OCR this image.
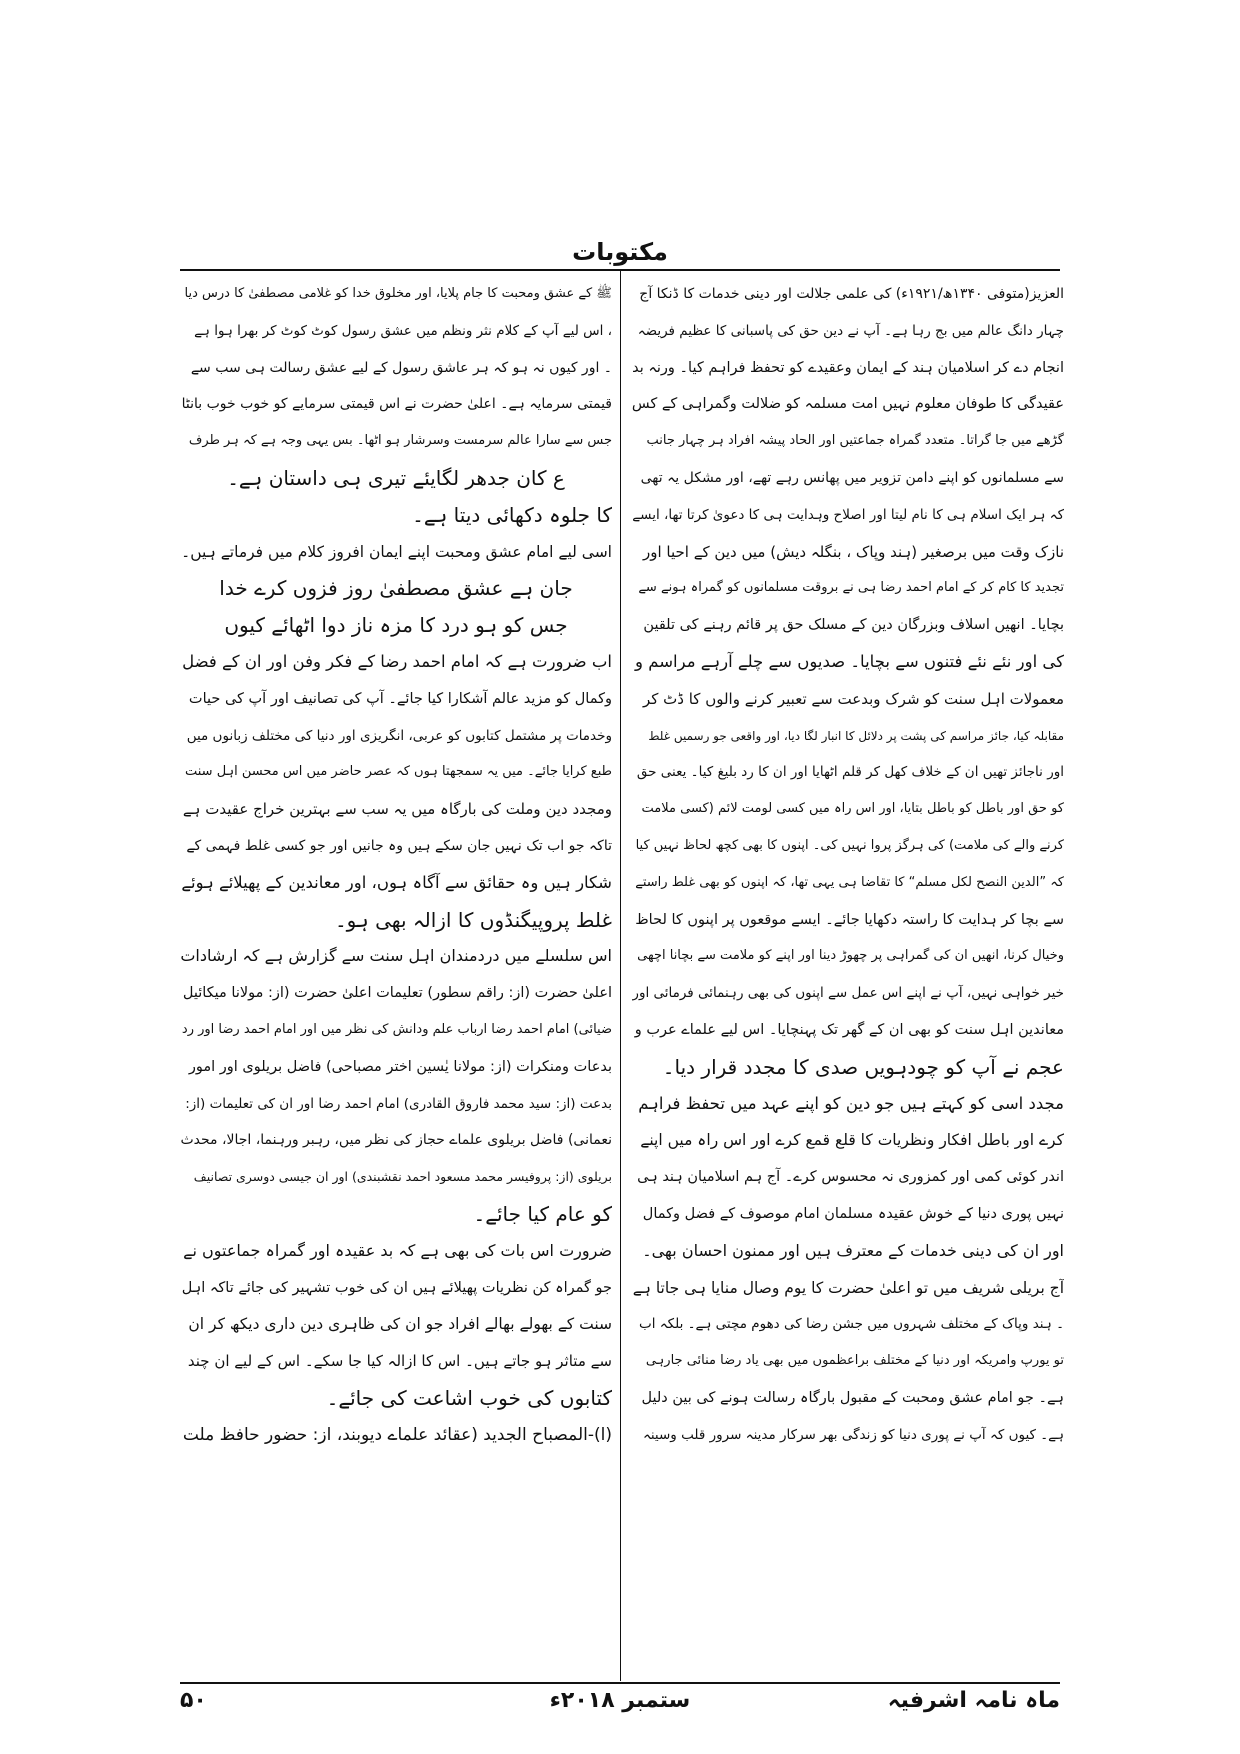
مکتوبات
العزیز(متوفی ۱۳۴۰ھ/۱۹۲۱ء) کی علمی جلالت اور دینی خدمات کا ڈنکا آج
چہار دانگ عالم میں بج رہا ہے۔ آپ نے دین حق کی پاسبانی کا عظیم فریضہ
انجام دے کر اسلامیان ہند کے ایمان وعقیدے کو تحفظ فراہم کیا۔ ورنہ بد
عقیدگی کا طوفان معلوم نہیں امت مسلمہ کو ضلالت وگمراہی کے کس
گڑھے میں جا گراتا۔ متعدد گمراہ جماعتیں اور الحاد پیشہ افراد ہر چہار جانب
سے مسلمانوں کو اپنے دامن تزویر میں پھانس رہے تھے، اور مشکل یہ تھی
کہ ہر ایک اسلام ہی کا نام لیتا اور اصلاح وہدایت ہی کا دعویٰ کرتا تھا، ایسے
نازک وقت میں برصغیر (ہند وپاک ، بنگلہ دیش) میں دین کے احیا اور
تجدید کا کام کر کے امام احمد رضا ہی نے بروقت مسلمانوں کو گمراہ ہونے سے
بچایا۔ انھیں اسلاف وبزرگان دین کے مسلک حق پر قائم رہنے کی تلقین
کی اور نئے نئے فتنوں سے بچایا۔ صدیوں سے چلے آرہے مراسم و
معمولات اہل سنت کو شرک وبدعت سے تعبیر کرنے والوں کا ڈٹ کر
مقابلہ کیا، جائز مراسم کی پشت پر دلائل کا انبار لگا دیا، اور واقعی جو رسمیں غلط
اور ناجائز تھیں ان کے خلاف کھل کر قلم اٹھایا اور ان کا رد بلیغ کیا۔ یعنی حق
کو حق اور باطل کو باطل بتایا، اور اس راہ میں کسی لومت لائم (کسی ملامت
کرنے والے کی ملامت) کی ہرگز پروا نہیں کی۔ اپنوں کا بھی کچھ لحاظ نہیں کیا
کہ ”الدین النصح لکل مسلم“ کا تقاضا ہی یہی تھا، کہ اپنوں کو بھی غلط راستے
سے بچا کر ہدایت کا راستہ دکھایا جائے۔ ایسے موقعوں پر اپنوں کا لحاظ
وخیال کرنا، انھیں ان کی گمراہی پر چھوڑ دینا اور اپنے کو ملامت سے بچانا اچھی
خیر خواہی نہیں، آپ نے اپنے اس عمل سے اپنوں کی بھی رہنمائی فرمائی اور
معاندین اہل سنت کو بھی ان کے گھر تک پہنچایا۔ اس لیے علماے عرب و
عجم نے آپ کو چودہویں صدی کا مجدد قرار دیا۔
مجدد اسی کو کہتے ہیں جو دین کو اپنے عہد میں تحفظ فراہم
کرے اور باطل افکار ونظریات کا قلع قمع کرے اور اس راہ میں اپنے
اندر کوئی کمی اور کمزوری نہ محسوس کرے۔ آج ہم اسلامیان ہند ہی
نہیں پوری دنیا کے خوش عقیدہ مسلمان امام موصوف کے فضل وکمال
اور ان کی دینی خدمات کے معترف ہیں اور ممنون احسان بھی۔
آج بریلی شریف میں تو اعلیٰ حضرت کا یوم وصال منایا ہی جاتا ہے
۔ ہند وپاک کے مختلف شہروں میں جشن رضا کی دھوم مچتی ہے۔ بلکہ اب
تو یورپ وامریکہ اور دنیا کے مختلف براعظموں میں بھی یاد رضا منائی جارہی
ہے۔ جو امام عشق ومحبت کے مقبول بارگاہ رسالت ہونے کی بین دلیل
ہے۔ کیوں کہ آپ نے پوری دنیا کو زندگی بھر سرکار مدینہ سرور قلب وسینہ
ﷺ کے عشق ومحبت کا جام پلایا، اور مخلوق خدا کو غلامی مصطفیٰ کا درس دیا
، اس لیے آپ کے کلام نثر ونظم میں عشق رسول کوٹ کوٹ کر بھرا ہوا ہے
۔ اور کیوں نہ ہو کہ ہر عاشق رسول کے لیے عشق رسالت ہی سب سے
قیمتی سرمایہ ہے۔ اعلیٰ حضرت نے اس قیمتی سرمایے کو خوب خوب بانٹا
جس سے سارا عالم سرمست وسرشار ہو اٹھا۔ بس یہی وجہ ہے کہ ہر طرف
ع کان جدھر لگایئے تیری ہی داستان ہے۔
کا جلوہ دکھائی دیتا ہے۔
اسی لیے امام عشق ومحبت اپنے ایمان افروز کلام میں فرماتے ہیں۔
جان ہے عشق مصطفیٰ روز فزوں کرے خدا
جس کو ہو درد کا مزہ ناز دوا اٹھائے کیوں
اب ضرورت ہے کہ امام احمد رضا کے فکر وفن اور ان کے فضل
وکمال کو مزید عالم آشکارا کیا جائے۔ آپ کی تصانیف اور آپ کی حیات
وخدمات پر مشتمل کتابوں کو عربی، انگریزی اور دنیا کی مختلف زبانوں میں
طبع کرایا جائے۔ میں یہ سمجھتا ہوں کہ عصر حاضر میں اس محسن اہل سنت
ومجدد دین وملت کی بارگاہ میں یہ سب سے بہترین خراج عقیدت ہے
تاکہ جو اب تک نہیں جان سکے ہیں وہ جانیں اور جو کسی غلط فہمی کے
شکار ہیں وہ حقائق سے آگاہ ہوں، اور معاندین کے پھیلائے ہوئے
غلط پروپیگنڈوں کا ازالہ بھی ہو۔
اس سلسلے میں دردمندان اہل سنت سے گزارش ہے کہ ارشادات
اعلیٰ حضرت (از: راقم سطور) تعلیمات اعلیٰ حضرت (از: مولانا میکائیل
ضیائی) امام احمد رضا ارباب علم ودانش کی نظر میں اور امام احمد رضا اور رد
بدعات ومنکرات (از: مولانا یٰسین اختر مصباحی) فاضل بریلوی اور امور
بدعت (از: سید محمد فاروق القادری) امام احمد رضا اور ان کی تعلیمات (از:
نعمانی) فاضل بریلوی علماے حجاز کی نظر میں، رہبر ورہنما، اجالا، محدث
بریلوی (از: پروفیسر محمد مسعود احمد نقشبندی) اور ان جیسی دوسری تصانیف
کو عام کیا جائے۔
ضرورت اس بات کی بھی ہے کہ بد عقیدہ اور گمراہ جماعتوں نے
جو گمراہ کن نظریات پھیلائے ہیں ان کی خوب تشہیر کی جائے تاکہ اہل
سنت کے بھولے بھالے افراد جو ان کی ظاہری دین داری دیکھ کر ان
سے متاثر ہو جاتے ہیں۔ اس کا ازالہ کیا جا سکے۔ اس کے لیے ان چند
کتابوں کی خوب اشاعت کی جائے۔
(ا)-المصباح الجدید (عقائد علماے دیوبند، از: حضور حافظ ملت
ماہ نامہ اشرفیہ
ستمبر ۲۰۱۸ء
۵۰
